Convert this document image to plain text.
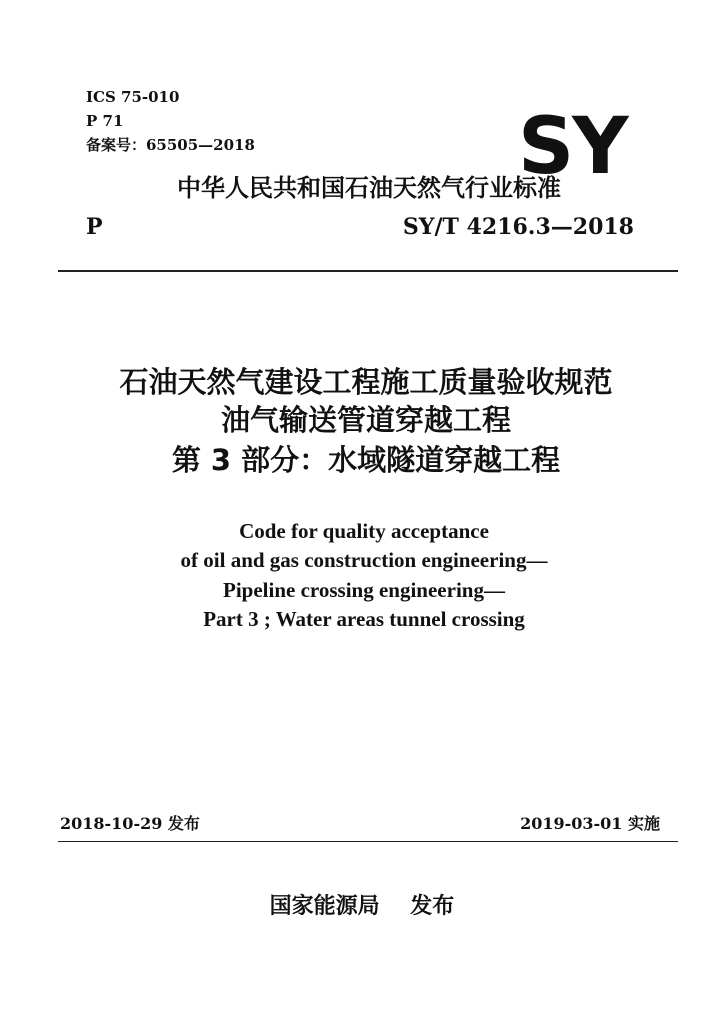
ICS 75-010
P 71
备案号：65505—2018	SY
中华人民共和国石油天然气行业标准
P	SY/T 4216.3—2018
石油天然气建设工程施工质量验收规范
油气输送管道穿越工程
第 3 部分：水域隧道穿越工程
Code for quality acceptance
of oil and gas construction engineering—
Pipeline crossing engineering—
Part 3 ; Water areas tunnel crossing
2018-10-29 发布	2019-03-01 实施
国家能源局    发布
